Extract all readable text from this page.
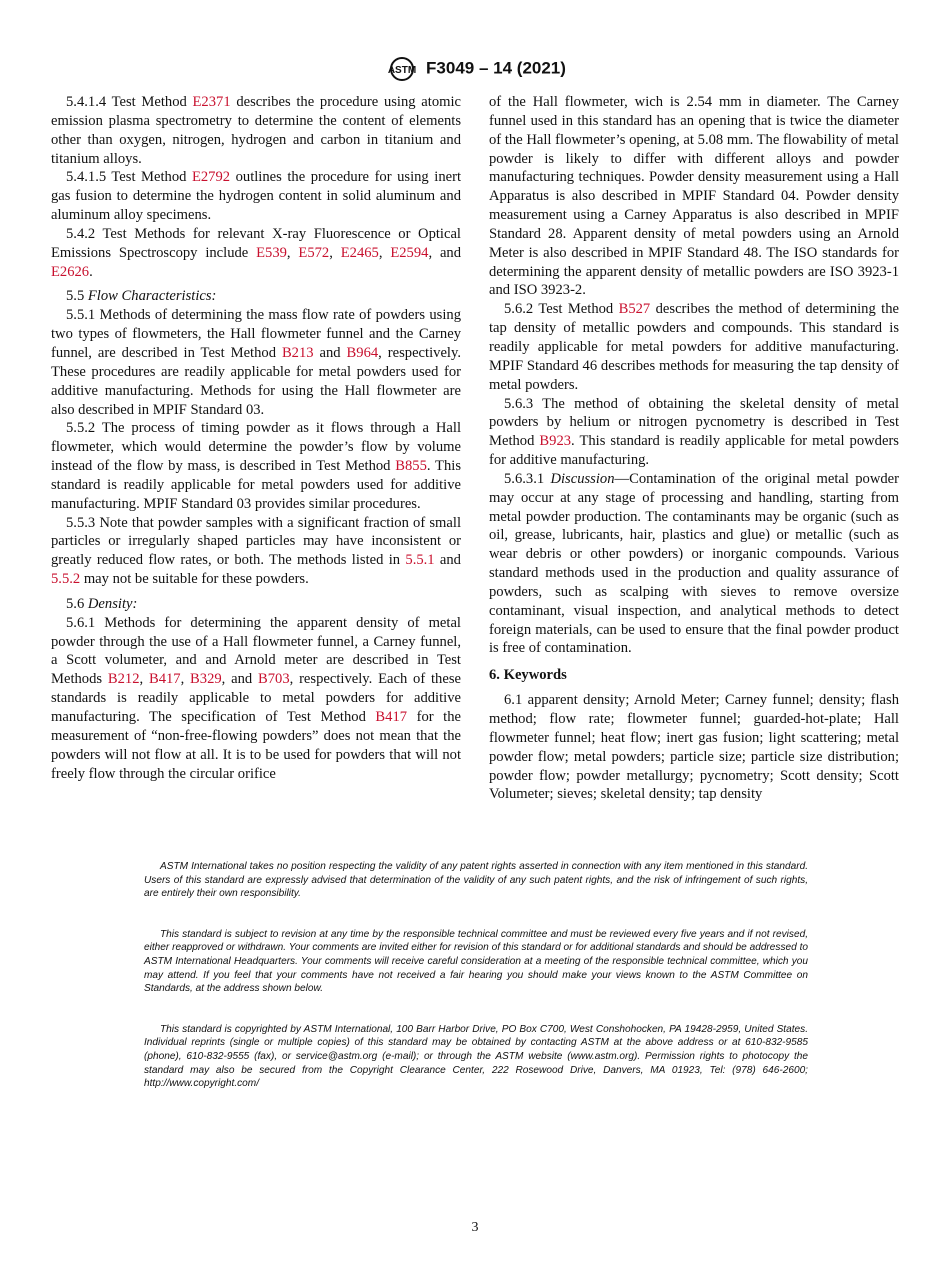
ASTM F3049 – 14 (2021)

5.4.1.4 Test Method E2371 describes the procedure using atomic emission plasma spectrometry to determine the content of elements other than oxygen, nitrogen, hydrogen and carbon in titanium and titanium alloys.

5.4.1.5 Test Method E2792 outlines the procedure for using inert gas fusion to determine the hydrogen content in solid aluminum and aluminum alloy specimens.

5.4.2 Test Methods for relevant X-ray Fluorescence or Optical Emissions Spectroscopy include E539, E572, E2465, E2594, and E2626.

5.5 Flow Characteristics:

5.5.1 Methods of determining the mass flow rate of powders using two types of flowmeters, the Hall flowmeter funnel and the Carney funnel, are described in Test Method B213 and B964, respectively. These procedures are readily applicable for metal powders used for additive manufacturing. Methods for using the Hall flowmeter are also described in MPIF Standard 03.

5.5.2 The process of timing powder as it flows through a Hall flowmeter, which would determine the powder’s flow by volume instead of the flow by mass, is described in Test Method B855. This standard is readily applicable for metal powders used for additive manufacturing. MPIF Standard 03 provides similar procedures.

5.5.3 Note that powder samples with a significant fraction of small particles or irregularly shaped particles may have inconsistent or greatly reduced flow rates, or both. The methods listed in 5.5.1 and 5.5.2 may not be suitable for these powders.

5.6 Density:

5.6.1 Methods for determining the apparent density of metal powder through the use of a Hall flowmeter funnel, a Carney funnel, a Scott volumeter, and and Arnold meter are described in Test Methods B212, B417, B329, and B703, respectively. Each of these standards is readily applicable to metal powders for additive manufacturing. The specification of Test Method B417 for the measurement of “non-free-flowing powders” does not mean that the powders will not flow at all. It is to be used for powders that will not freely flow through the circular orifice

of the Hall flowmeter, wich is 2.54 mm in diameter. The Carney funnel used in this standard has an opening that is twice the diameter of the Hall flowmeter’s opening, at 5.08 mm. The flowability of metal powder is likely to differ with different alloys and powder manufacturing techniques. Powder density measurement using a Hall Apparatus is also described in MPIF Standard 04. Powder density measurement using a Carney Apparatus is also described in MPIF Standard 28. Apparent density of metal powders using an Arnold Meter is also described in MPIF Standard 48. The ISO standards for determining the apparent density of metallic powders are ISO 3923-1 and ISO 3923-2.

5.6.2 Test Method B527 describes the method of determining the tap density of metallic powders and compounds. This standard is readily applicable for metal powders for additive manufacturing. MPIF Standard 46 describes methods for measuring the tap density of metal powders.

5.6.3 The method of obtaining the skeletal density of metal powders by helium or nitrogen pycnometry is described in Test Method B923. This standard is readily applicable for metal powders for additive manufacturing.

5.6.3.1 Discussion—Contamination of the original metal powder may occur at any stage of processing and handling, starting from metal powder production. The contaminants may be organic (such as oil, grease, lubricants, hair, plastics and glue) or metallic (such as wear debris or other powders) or inorganic compounds. Various standard methods used in the production and quality assurance of powders, such as scalping with sieves to remove oversize contaminant, visual inspection, and analytical methods to detect foreign materials, can be used to ensure that the final powder product is free of contamination.

6. Keywords

6.1 apparent density; Arnold Meter; Carney funnel; density; flash method; flow rate; flowmeter funnel; guarded-hot-plate; Hall flowmeter funnel; heat flow; inert gas fusion; light scattering; metal powder flow; metal powders; particle size; particle size distribution; powder flow; powder metallurgy; pycnometry; Scott density; Scott Volumeter; sieves; skeletal density; tap density

ASTM International takes no position respecting the validity of any patent rights asserted in connection with any item mentioned in this standard. Users of this standard are expressly advised that determination of the validity of any such patent rights, and the risk of infringement of such rights, are entirely their own responsibility.

This standard is subject to revision at any time by the responsible technical committee and must be reviewed every five years and if not revised, either reapproved or withdrawn. Your comments are invited either for revision of this standard or for additional standards and should be addressed to ASTM International Headquarters. Your comments will receive careful consideration at a meeting of the responsible technical committee, which you may attend. If you feel that your comments have not received a fair hearing you should make your views known to the ASTM Committee on Standards, at the address shown below.

This standard is copyrighted by ASTM International, 100 Barr Harbor Drive, PO Box C700, West Conshohocken, PA 19428-2959, United States. Individual reprints (single or multiple copies) of this standard may be obtained by contacting ASTM at the above address or at 610-832-9585 (phone), 610-832-9555 (fax), or service@astm.org (e-mail); or through the ASTM website (www.astm.org). Permission rights to photocopy the standard may also be secured from the Copyright Clearance Center, 222 Rosewood Drive, Danvers, MA 01923, Tel: (978) 646-2600; http://www.copyright.com/

3
